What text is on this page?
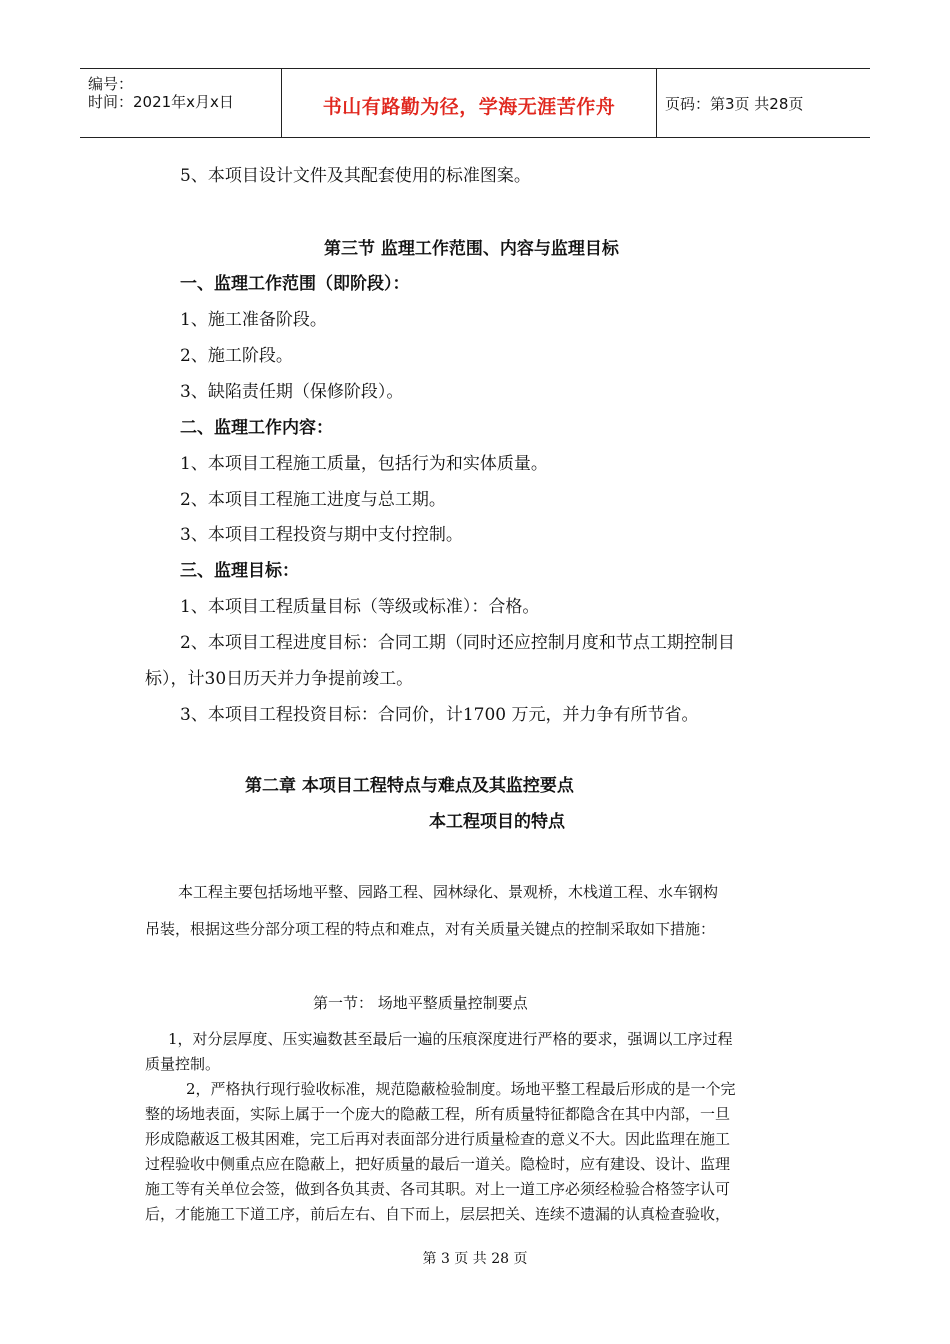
编号：
时间：2021年x月x日	书山有路勤为径，学海无涯苦作舟	页码：第3页 共28页
5、本项目设计文件及其配套使用的标准图案。
第三节 监理工作范围、内容与监理目标
一、监理工作范围（即阶段）：
1、施工准备阶段。
2、施工阶段。
3、缺陷责任期（保修阶段）。
二、监理工作内容：
1、本项目工程施工质量，包括行为和实体质量。
2、本项目工程施工进度与总工期。
3、本项目工程投资与期中支付控制。
三、监理目标：
1、本项目工程质量目标（等级或标准）：合格。
2、本项目工程进度目标：合同工期（同时还应控制月度和节点工期控制目
标），计30日历天并力争提前竣工。
3、本项目工程投资目标：合同价，计1700 万元，并力争有所节省。
第二章 本项目工程特点与难点及其监控要点
本工程项目的特点
本工程主要包括场地平整、园路工程、园林绿化、景观桥，木栈道工程、水车钢构
吊装，根据这些分部分项工程的特点和难点，对有关质量关键点的控制采取如下措施：
第一节： 场地平整质量控制要点
1，对分层厚度、压实遍数甚至最后一遍的压痕深度进行严格的要求，强调以工序过程
质量控制。
2，严格执行现行验收标准，规范隐蔽检验制度。场地平整工程最后形成的是一个完
整的场地表面，实际上属于一个庞大的隐蔽工程，所有质量特征都隐含在其中内部，一旦
形成隐蔽返工极其困难，完工后再对表面部分进行质量检查的意义不大。因此监理在施工
过程验收中侧重点应在隐蔽上，把好质量的最后一道关。隐检时，应有建设、设计、监理
施工等有关单位会签，做到各负其责、各司其职。对上一道工序必须经检验合格签字认可
后，才能施工下道工序，前后左右、自下而上，层层把关、连续不遗漏的认真检查验收，
第 3 页 共 28 页
